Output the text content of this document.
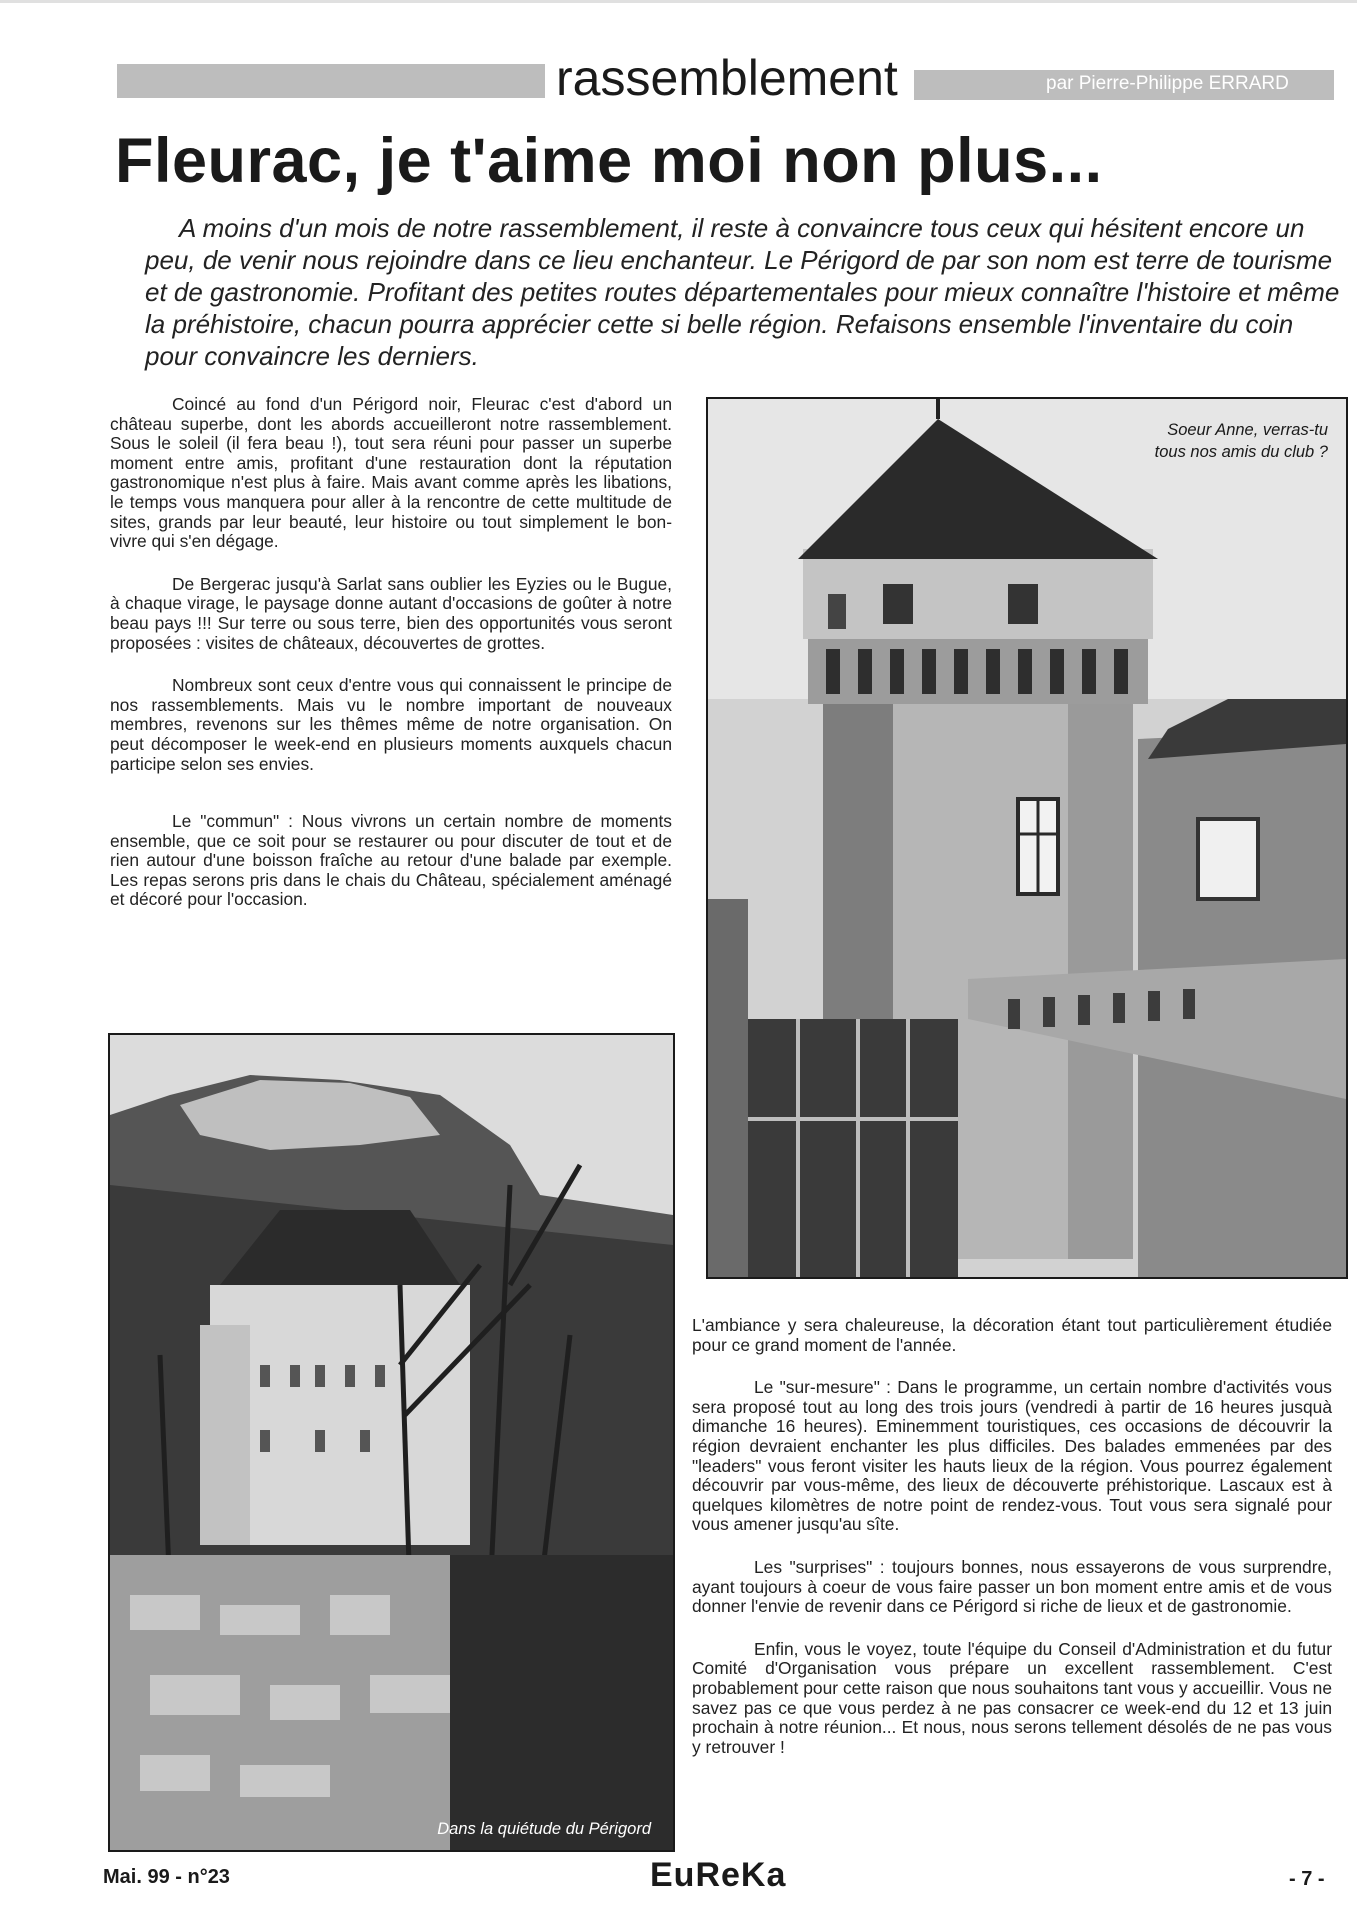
rassemblement	par Pierre-Philippe ERRARD
Fleurac, je t'aime moi non plus...

A moins d'un mois de notre rassemblement, il reste à convaincre tous ceux qui hésitent encore un

peu, de venir nous rejoindre dans ce lieu enchanteur. Le Périgord de par son nom est terre de tourisme

et de gastronomie. Profitant des petites routes départementales pour mieux connaître l'histoire et même

la préhistoire, chacun pourra apprécier cette si belle région. Refaisons ensemble l'inventaire du coin

pour convaincre les derniers.

Coincé au fond d'un Périgord noir, Fleurac c'est d'abord un château superbe, dont les abords accueilleront notre rassemblement. Sous le soleil (il fera beau !), tout sera réuni pour passer un superbe moment entre amis, profitant d'une restauration dont la réputation gastronomique n'est plus à faire. Mais avant comme après les libations, le temps vous manquera pour aller à la rencontre de cette multitude de sites, grands par leur beauté, leur histoire ou tout simplement le bon-vivre qui s'en dégage.

De Bergerac jusqu'à Sarlat sans oublier les Eyzies ou le Bugue, à chaque virage, le paysage donne autant d'occasions de goûter à notre beau pays !!! Sur terre ou sous terre, bien des opportunités vous seront proposées : visites de châteaux, découvertes de grottes.

Nombreux sont ceux d'entre vous qui connaissent le principe de nos rassemblements. Mais vu le nombre important de nouveaux membres, revenons sur les thêmes même de notre organisation. On peut décomposer le week-end en plusieurs moments auxquels chacun participe selon ses envies.

Le "commun" : Nous vivrons un certain nombre de moments ensemble, que ce soit pour se restaurer ou pour discuter de tout et de rien autour d'une boisson fraîche au retour d'une balade par exemple. Les repas serons pris dans le chais du Château, spécialement aménagé et décoré pour l'occasion.

Soeur Anne, verras-tu
tous nos amis du club ?
Dans la quiétude du Périgord

L'ambiance y sera chaleureuse, la décoration étant tout particulièrement étudiée pour ce grand moment de l'année.

Le "sur-mesure" : Dans le programme, un certain nombre d'activités vous sera proposé tout au long des trois jours (vendredi à partir de 16 heures jusquà dimanche 16 heures). Eminemment touristiques, ces occasions de découvrir la région devraient enchanter les plus difficiles. Des balades emmenées par des "leaders" vous feront visiter les hauts lieux de la région. Vous pourrez également découvrir par vous-même, des lieux de découverte préhistorique. Lascaux est à quelques kilomètres de notre point de rendez-vous. Tout vous sera signalé pour vous amener jusqu'au sîte.

Les "surprises" : toujours bonnes, nous essayerons de vous surprendre, ayant toujours à coeur de vous faire passer un bon moment entre amis et de vous donner l'envie de revenir dans ce Périgord si riche de lieux et de gastronomie.

Enfin, vous le voyez, toute l'équipe du Conseil d'Administration et du futur Comité d'Organisation vous prépare un excellent rassemblement. C'est probablement pour cette raison que nous souhaitons tant vous y accueillir. Vous ne savez pas ce que vous perdez à ne pas consacrer ce week-end du 12 et 13 juin prochain à notre réunion... Et nous, nous serons tellement désolés de ne pas vous y retrouver !

Mai. 99 - n°23	EuReKa	- 7 -
